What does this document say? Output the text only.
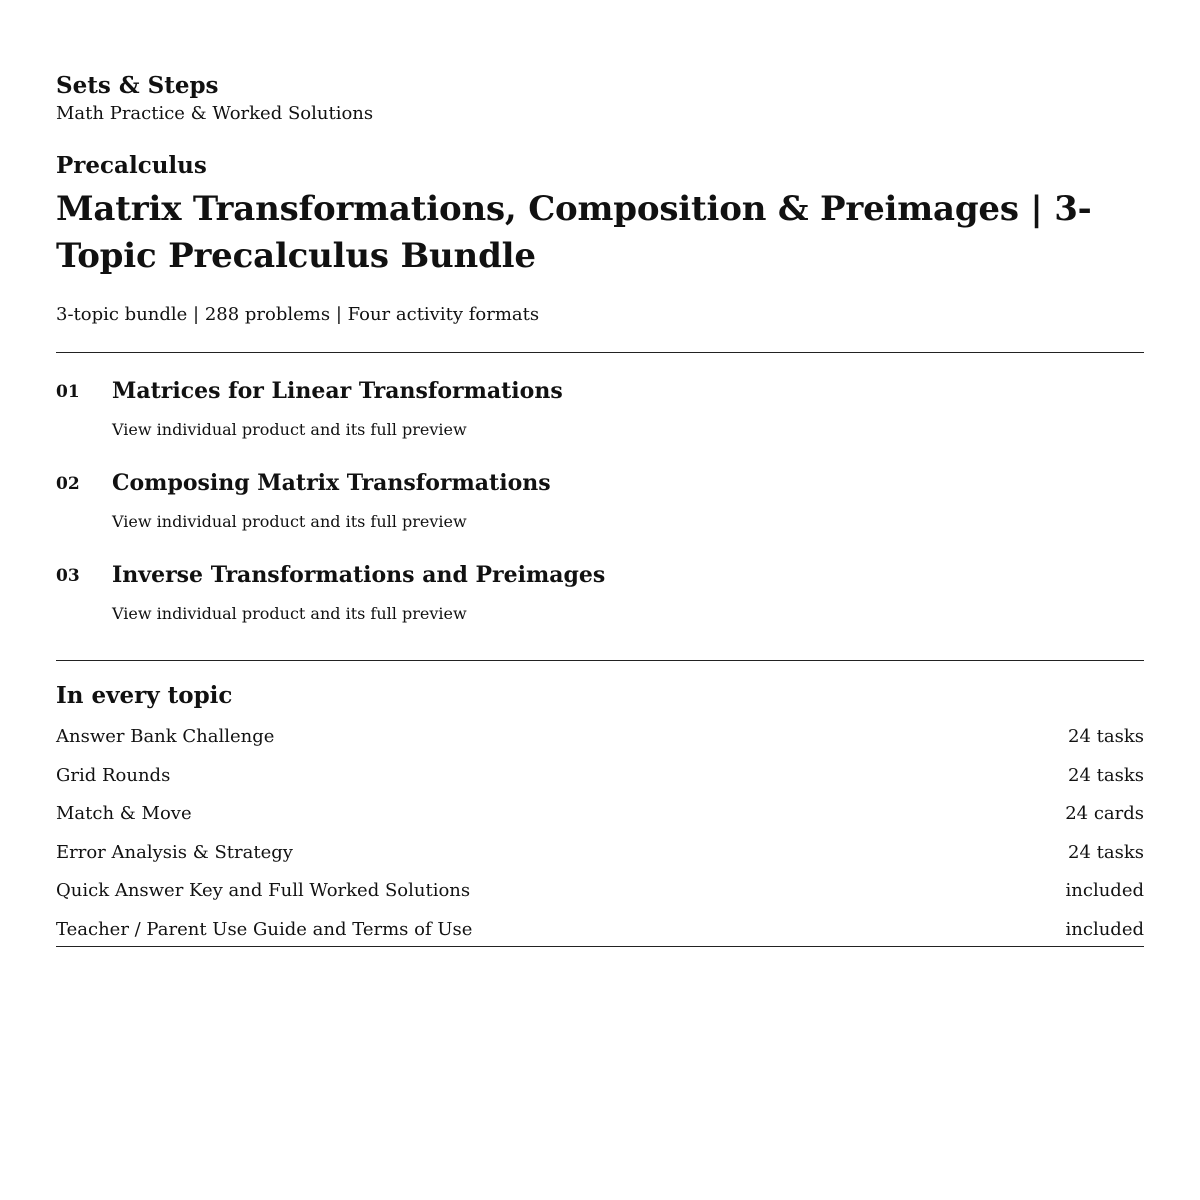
Sets & Steps

Math Practice & Worked Solutions

Precalculus

Matrix Transformations, Composition & Preimages | 3-Topic Precalculus Bundle

3-topic bundle | 288 problems | Four activity formats

01	Matrices for Linear Transformations

View individual product and its full preview
02	Composing Matrix Transformations

View individual product and its full preview
03	Inverse Transformations and Preimages

View individual product and its full preview
In every topic
Answer Bank Challenge	24 tasks
Grid Rounds	24 tasks
Match & Move	24 cards
Error Analysis & Strategy	24 tasks
Quick Answer Key and Full Worked Solutions	included
Teacher / Parent Use Guide and Terms of Use	included
